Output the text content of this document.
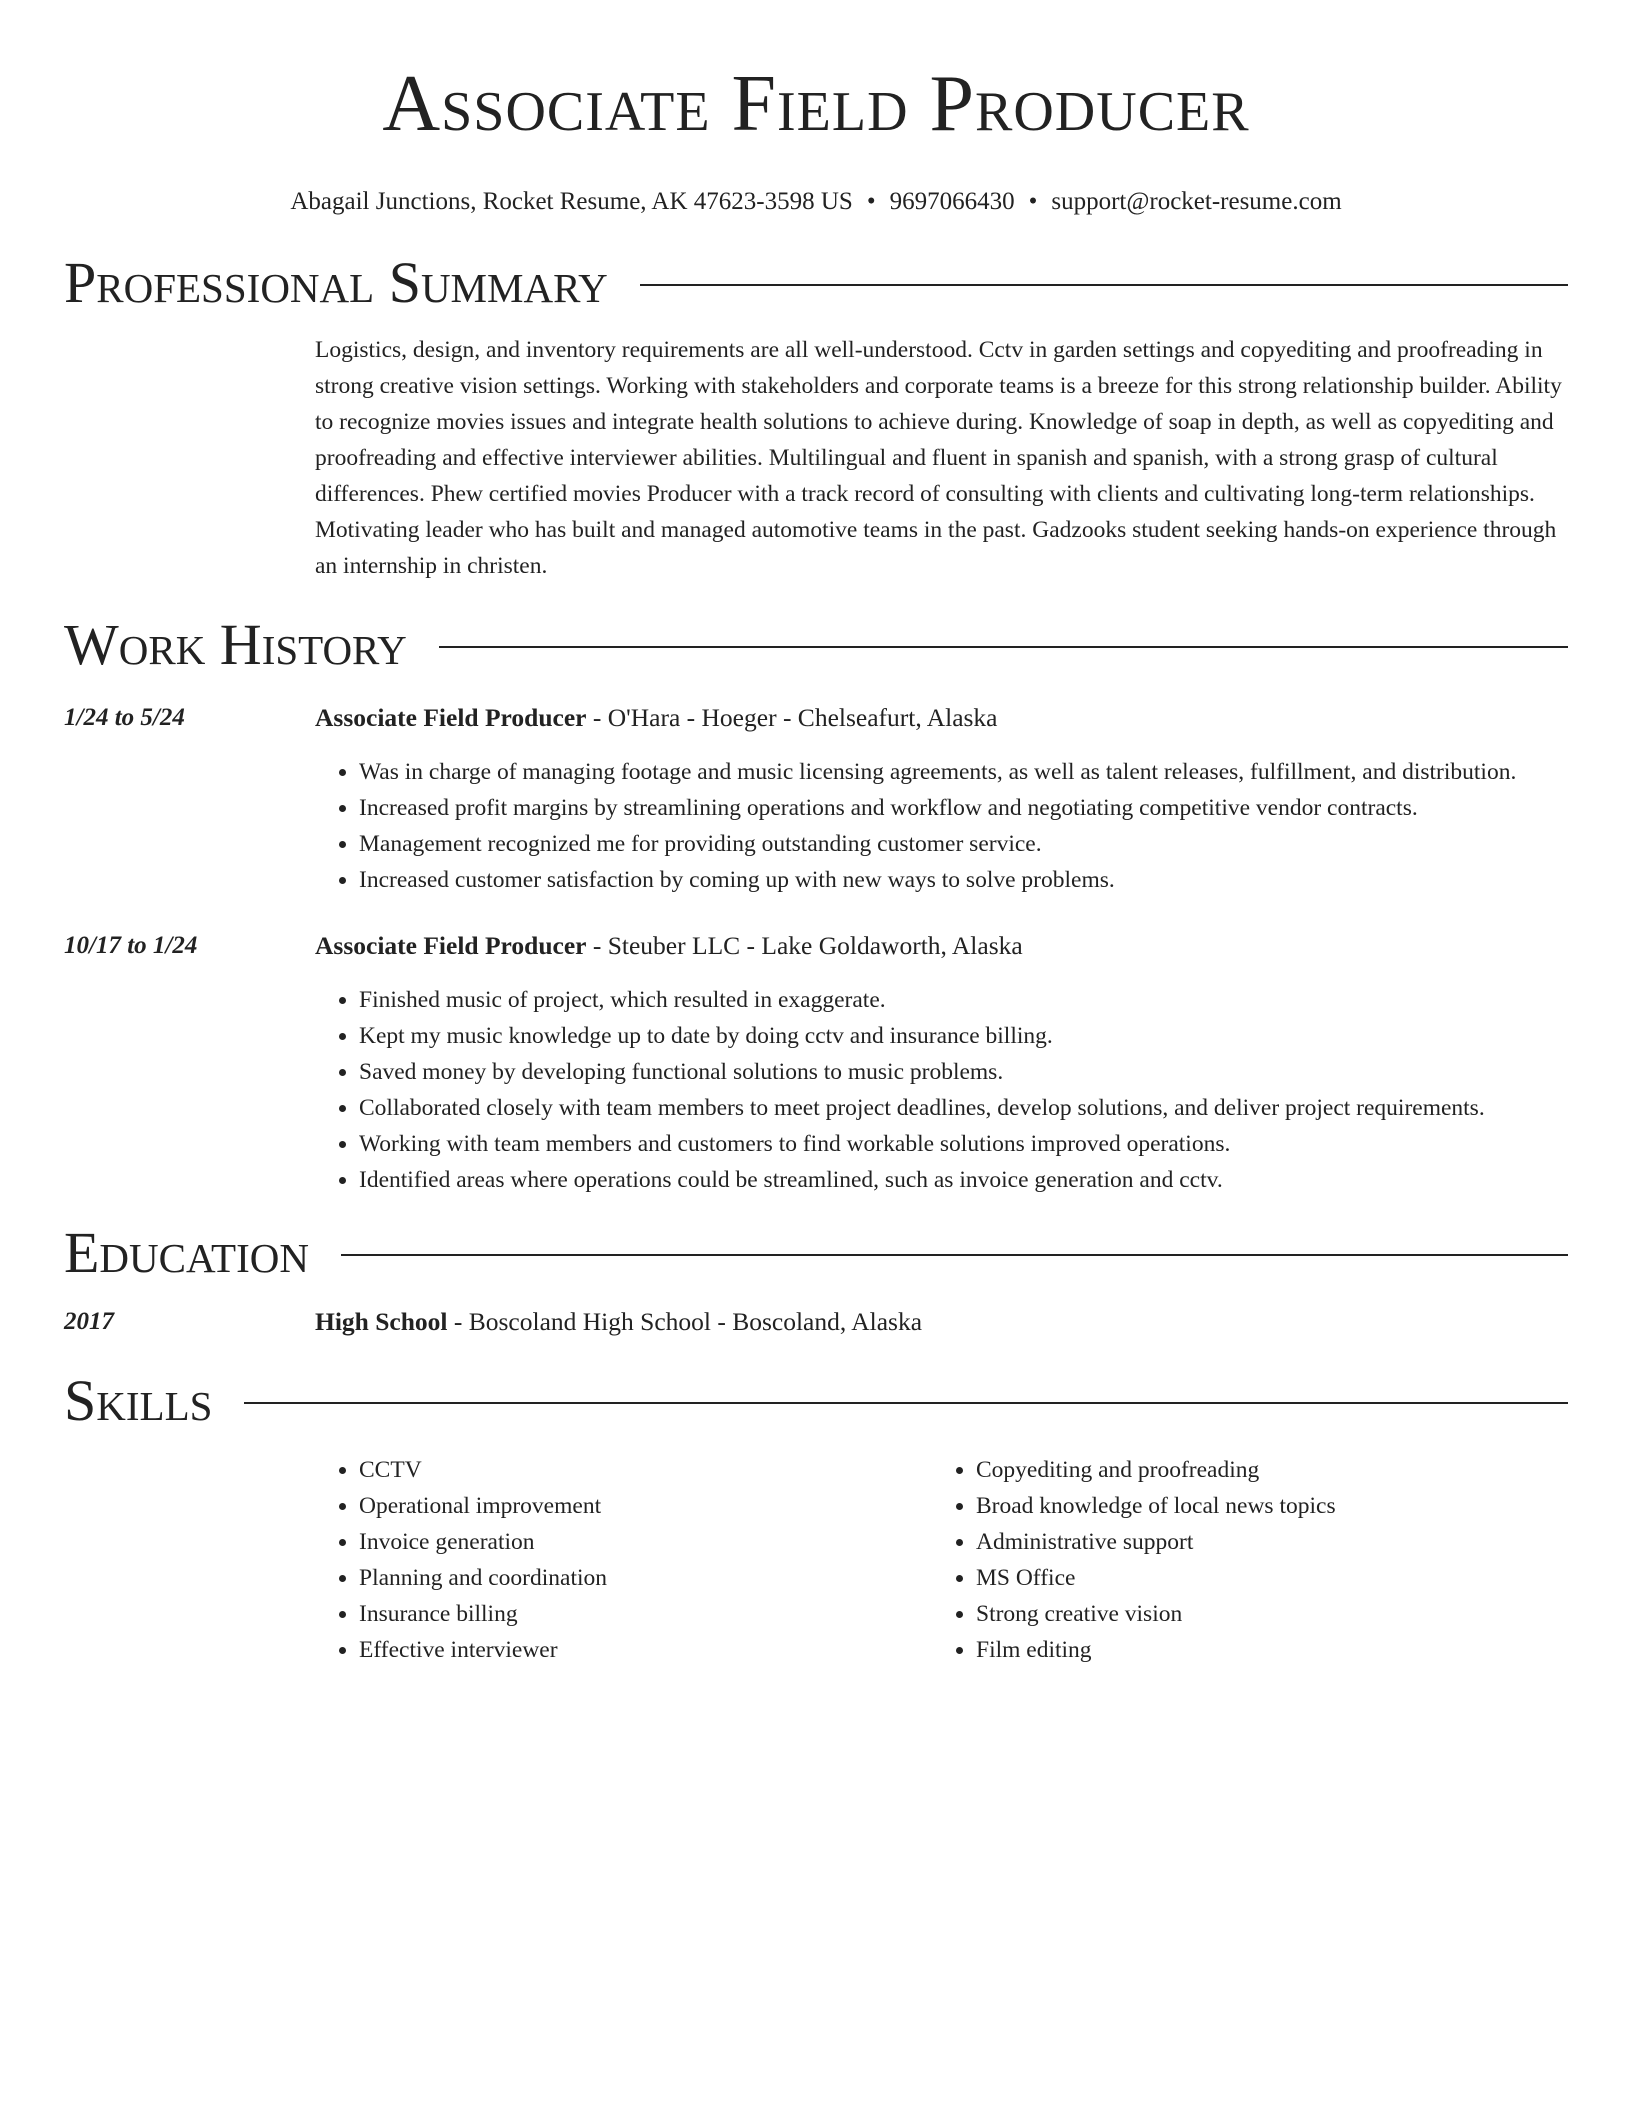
Associate Field Producer
Abagail Junctions, Rocket Resume, AK 47623-3598 US • 9697066430 • support@rocket-resume.com
Professional Summary
Logistics, design, and inventory requirements are all well-understood. Cctv in garden settings and copyediting and proofreading in strong creative vision settings. Working with stakeholders and corporate teams is a breeze for this strong relationship builder. Ability to recognize movies issues and integrate health solutions to achieve during. Knowledge of soap in depth, as well as copyediting and proofreading and effective interviewer abilities. Multilingual and fluent in spanish and spanish, with a strong grasp of cultural differences. Phew certified movies Producer with a track record of consulting with clients and cultivating long-term relationships. Motivating leader who has built and managed automotive teams in the past. Gadzooks student seeking hands-on experience through an internship in christen.
Work History
1/24 to 5/24	Associate Field Producer - O'Hara - Hoeger - Chelseafurt, Alaska
• Was in charge of managing footage and music licensing agreements, as well as talent releases, fulfillment, and distribution.
• Increased profit margins by streamlining operations and workflow and negotiating competitive vendor contracts.
• Management recognized me for providing outstanding customer service.
• Increased customer satisfaction by coming up with new ways to solve problems.
10/17 to 1/24	Associate Field Producer - Steuber LLC - Lake Goldaworth, Alaska
• Finished music of project, which resulted in exaggerate.
• Kept my music knowledge up to date by doing cctv and insurance billing.
• Saved money by developing functional solutions to music problems.
• Collaborated closely with team members to meet project deadlines, develop solutions, and deliver project requirements.
• Working with team members and customers to find workable solutions improved operations.
• Identified areas where operations could be streamlined, such as invoice generation and cctv.
Education
2017	High School - Boscoland High School - Boscoland, Alaska
Skills
• CCTV
• Operational improvement
• Invoice generation
• Planning and coordination
• Insurance billing
• Effective interviewer
• Copyediting and proofreading
• Broad knowledge of local news topics
• Administrative support
• MS Office
• Strong creative vision
• Film editing
